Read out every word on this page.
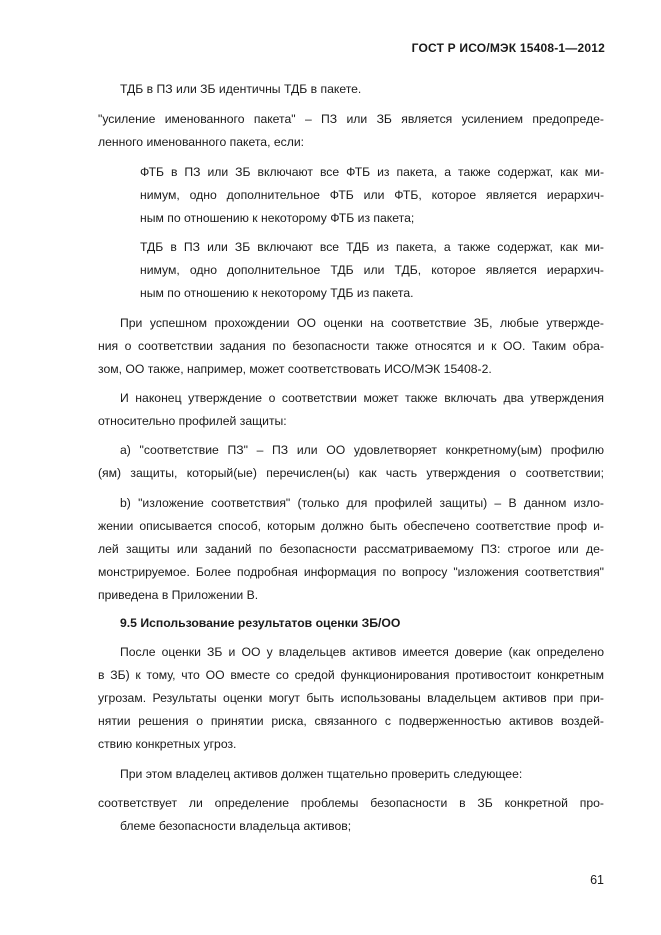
ГОСТ Р ИСО/МЭК 15408-1—2012
ТДБ в ПЗ или ЗБ идентичны ТДБ в пакете.
"усиление именованного пакета" – ПЗ или ЗБ является усилением предопреде-
ленного именованного пакета, если:
ФТБ в ПЗ или ЗБ включают все ФТБ из пакета, а также содержат, как ми-
нимум, одно дополнительное ФТБ или ФТБ, которое является иерархич-
ным по отношению к некоторому ФТБ из пакета;
ТДБ в ПЗ или ЗБ включают все ТДБ из пакета, а также содержат, как ми-
нимум, одно дополнительное ТДБ или ТДБ, которое является иерархич-
ным по отношению к некоторому ТДБ из пакета.
При успешном прохождении ОО оценки на соответствие ЗБ, любые утвержде-
ния о соответствии задания по безопасности также относятся и к ОО. Таким обра-
зом, ОО также, например, может соответствовать ИСО/МЭК 15408-2.
И наконец утверждение о соответствии может также включать два утверждения
относительно профилей защиты:
а) "соответствие ПЗ" – ПЗ или ОО удовлетворяет конкретному(ым) профилю
(ям) защиты, который(ые) перечислен(ы) как часть утверждения о соответствии;
b) "изложение соответствия" (только для профилей защиты) – В данном изло-
жении описывается способ, которым должно быть обеспечено соответствие проф и-
лей защиты или заданий по безопасности рассматриваемому ПЗ: строгое или де-
монстрируемое. Более подробная информация по вопросу "изложения соответствия"
приведена в Приложении В.
9.5 Использование результатов оценки ЗБ/ОО
После оценки ЗБ и ОО у владельцев активов имеется доверие (как определено
в ЗБ) к тому, что ОО вместе со средой функционирования противостоит конкретным
угрозам. Результаты оценки могут быть использованы владельцем активов при при-
нятии решения о принятии риска, связанного с подверженностью активов воздей-
ствию конкретных угроз.
При этом владелец активов должен тщательно проверить следующее:
соответствует ли определение проблемы безопасности в ЗБ конкретной про-
блеме безопасности владельца активов;
61
